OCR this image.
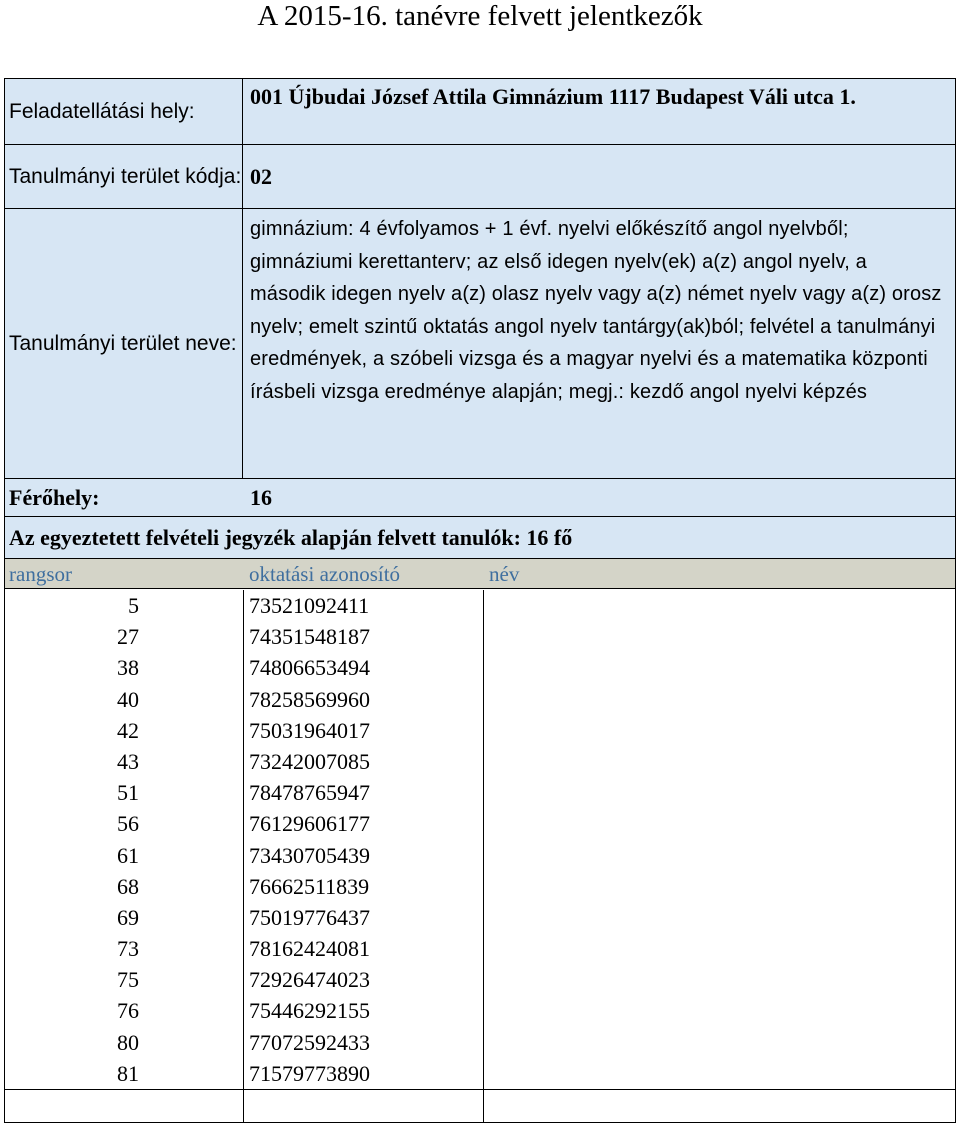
A 2015-16. tanévre felvett jelentkezők
Feladatellátási hely:
001 Újbudai József Attila Gimnázium 1117 Budapest Váli utca 1.
Tanulmányi terület kódja: 02
Tanulmányi terület neve:
gimnázium: 4 évfolyamos + 1 évf. nyelvi előkészítő angol nyelvből; gimnáziumi kerettanterv; az első idegen nyelv(ek) a(z) angol nyelv, a második idegen nyelv a(z) olasz nyelv vagy a(z) német nyelv vagy a(z) orosz nyelv; emelt szintű oktatás angol nyelv tantárgy(ak)ból; felvétel a tanulmányi eredmények, a szóbeli vizsga és a magyar nyelvi és a matematika központi írásbeli vizsga eredménye alapján; megj.: kezdő angol nyelvi képzés
Férőhely:	16
Az egyeztetett felvételi jegyzék alapján felvett tanulók: 16 fő
rangsor	oktatási azonosító	név
5	73521092411
27	74351548187
38	74806653494
40	78258569960
42	75031964017
43	73242007085
51	78478765947
56	76129606177
61	73430705439
68	76662511839
69	75019776437
73	78162424081
75	72926474023
76	75446292155
80	77072592433
81	71579773890
